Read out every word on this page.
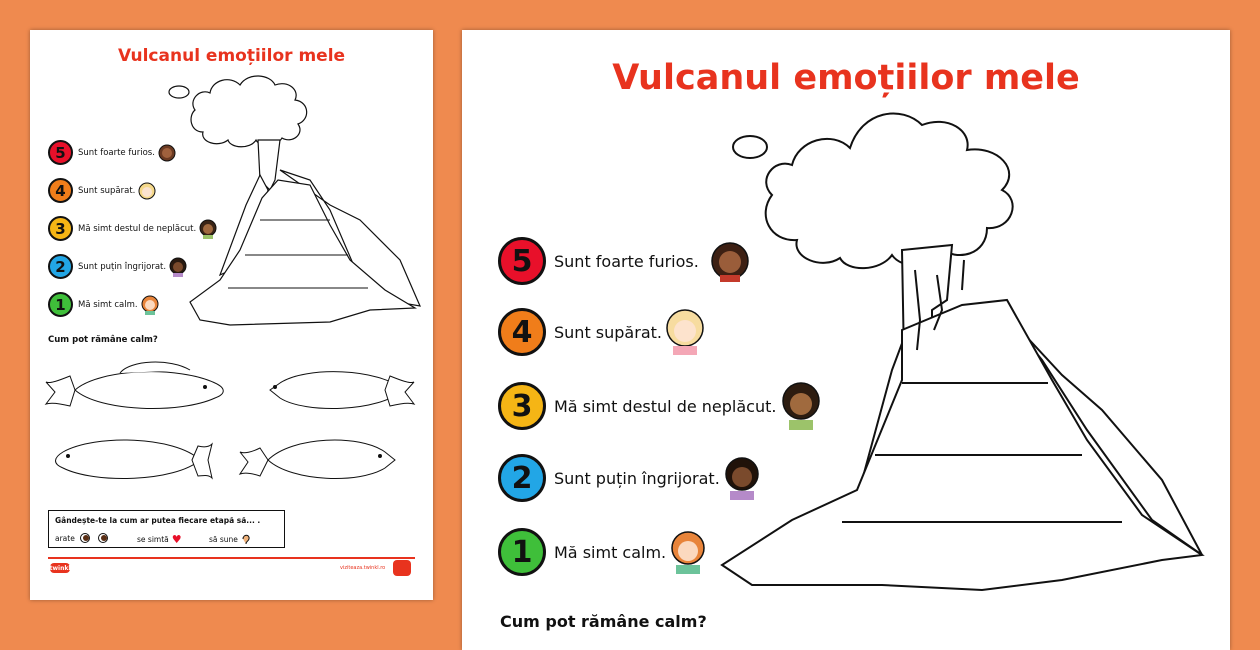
Vulcanul emoțiilor mele
5	Sunt foarte furios.
4	Sunt supărat.
3	Mă simt destul de neplăcut.
2	Sunt puțin îngrijorat.
1	Mă simt calm.
Cum pot rămâne calm?
Gândește-te la cum ar putea fiecare etapă să... .
arate	se simtă ♥	să sune
twinkl	viziteaza.twinkl.ro
Vulcanul emoțiilor mele
5	Sunt foarte furios.
4	Sunt supărat.
3	Mă simt destul de neplăcut.
2	Sunt puțin îngrijorat.
1	Mă simt calm.
Cum pot rămâne calm?
